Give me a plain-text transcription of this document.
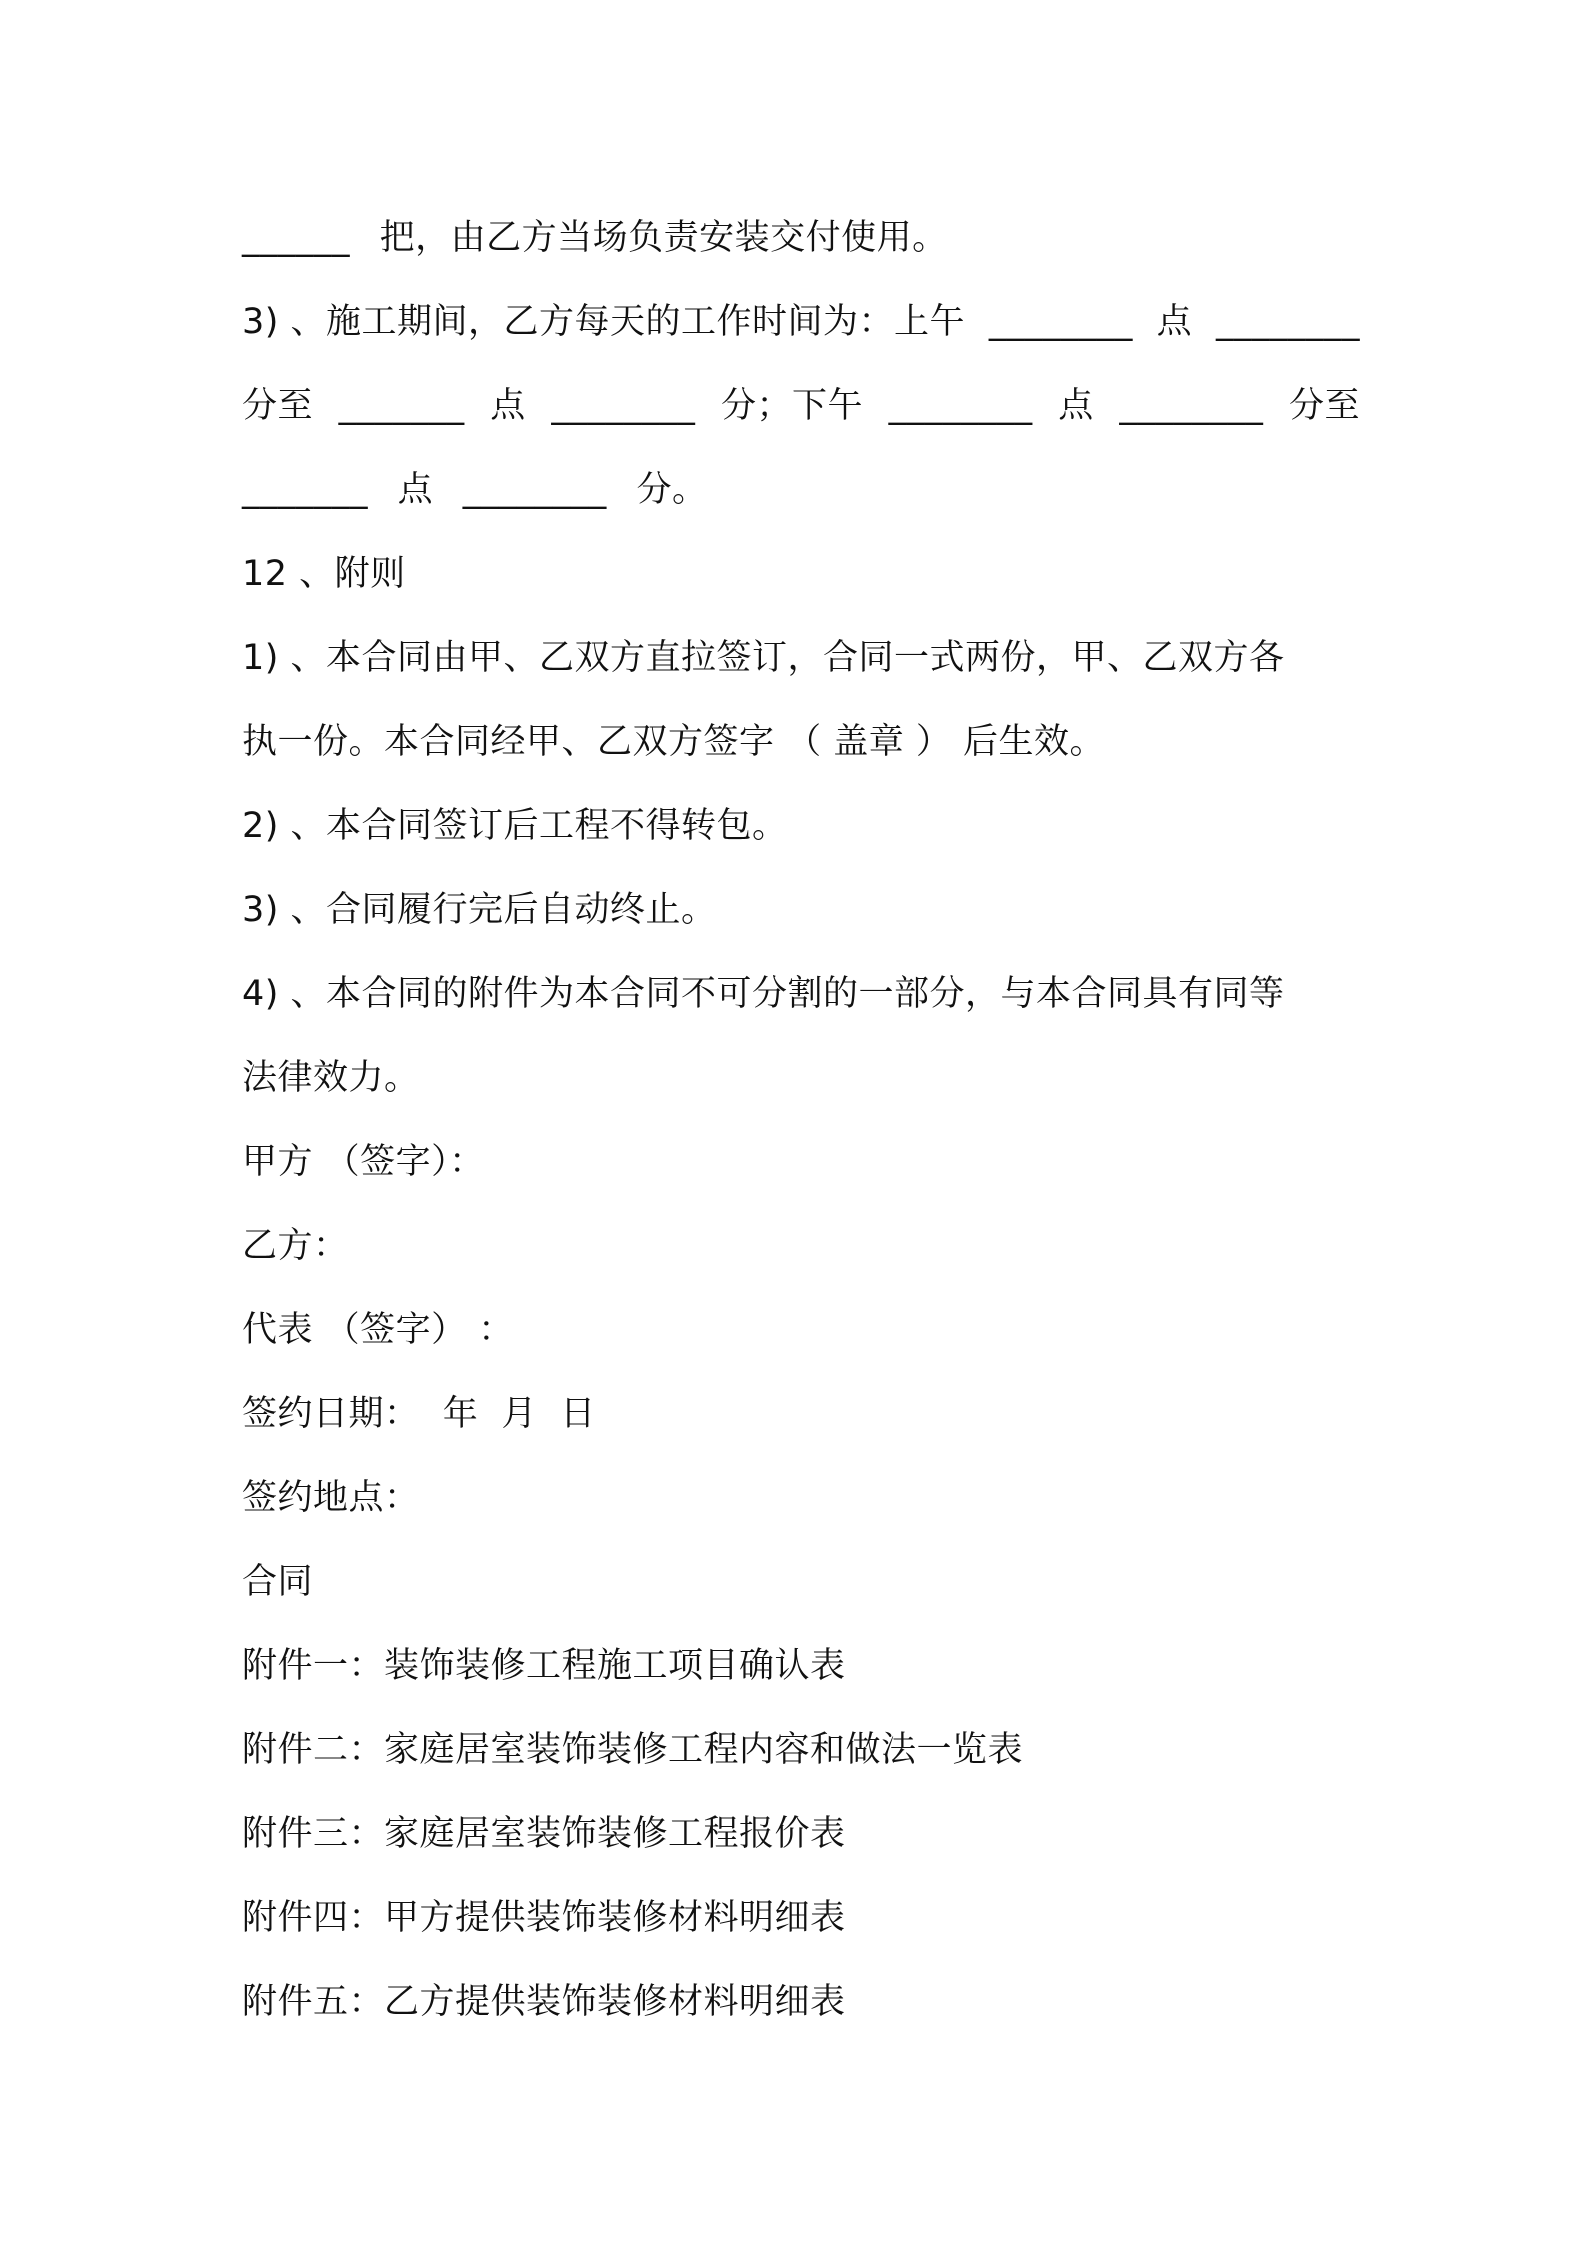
______ 把，由乙方当场负责安装交付使用。
3) 、施工期间，乙方每天的工作时间为：上午 ________ 点 ________
分至 _______ 点 ________ 分；下午 ________ 点 ________ 分至
_______ 点 ________ 分。
12 、附则
1) 、本合同由甲、乙双方直拉签订，合同一式两份，甲、乙双方各
执一份。本合同经甲、乙双方签字 （ 盖章 ） 后生效。
2) 、本合同签订后工程不得转包。
3) 、合同履行完后自动终止。
4) 、本合同的附件为本合同不可分割的一部分，与本合同具有同等
法律效力。
甲方 （签字）：
乙方：
代表 （签字） ：
签约日期：  年  月  日
签约地点：
合同
附件一：装饰装修工程施工项目确认表
附件二：家庭居室装饰装修工程内容和做法一览表
附件三：家庭居室装饰装修工程报价表
附件四：甲方提供装饰装修材料明细表
附件五：乙方提供装饰装修材料明细表
